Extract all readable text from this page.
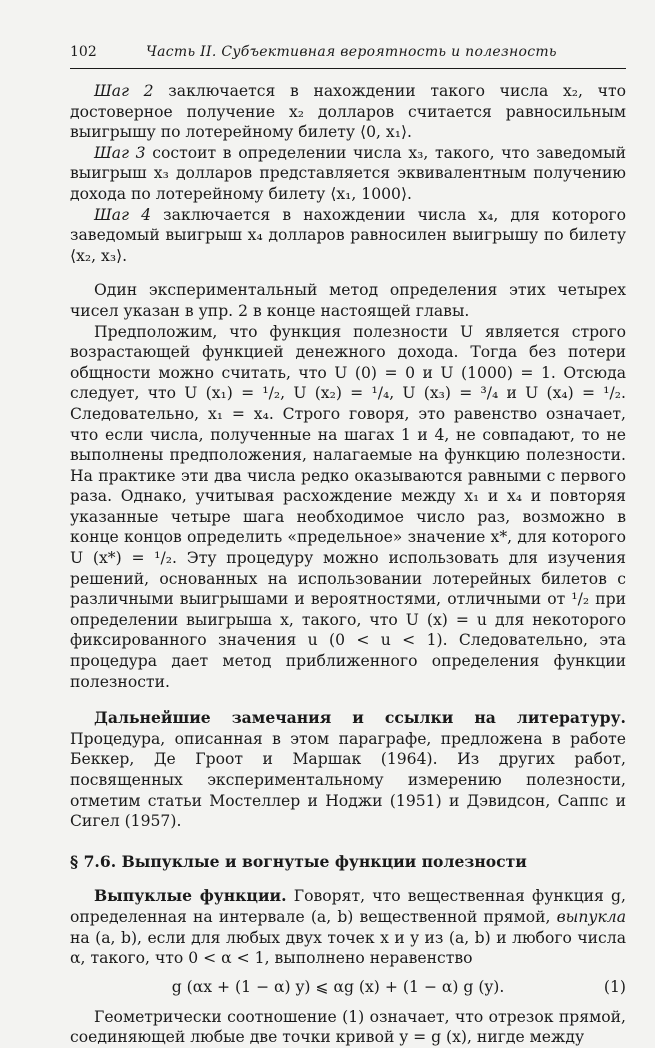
102	Часть II. Субъективная вероятность и полезность

Шаг 2 заключается в нахождении такого числа x₂, что достоверное получение x₂ долларов считается равносильным выигрышу по лотерейному билету ⟨0, x₁⟩.

Шаг 3 состоит в определении числа x₃, такого, что заведомый выигрыш x₃ долларов представляется эквивалентным получению дохода по лотерейному билету ⟨x₁, 1000⟩.

Шаг 4 заключается в нахождении числа x₄, для которого заведомый выигрыш x₄ долларов равносилен выигрышу по билету ⟨x₂, x₃⟩.

Один экспериментальный метод определения этих четырех чисел указан в упр. 2 в конце настоящей главы.

Предположим, что функция полезности U является строго возрастающей функцией денежного дохода. Тогда без потери общности можно считать, что U (0) = 0 и U (1000) = 1. Отсюда следует, что U (x₁) = ¹/₂, U (x₂) = ¹/₄, U (x₃) = ³/₄ и U (x₄) = ¹/₂. Следовательно, x₁ = x₄. Строго говоря, это равенство означает, что если числа, полученные на шагах 1 и 4, не совпадают, то не выполнены предположения, налагаемые на функцию полезности. На практике эти два числа редко оказываются равными с первого раза. Однако, учитывая расхождение между x₁ и x₄ и повторяя указанные четыре шага необходимое число раз, возможно в конце концов определить «предельное» значение x*, для которого U (x*) = ¹/₂. Эту процедуру можно использовать для изучения решений, основанных на использовании лотерейных билетов с различными выигрышами и вероятностями, отличными от ¹/₂ при определении выигрыша x, такого, что U (x) = u для некоторого фиксированного значения u (0 < u < 1). Следовательно, эта процедура дает метод приближенного определения функции полезности.

Дальнейшие замечания и ссылки на литературу. Процедура, описанная в этом параграфе, предложена в работе Беккер, Де Гроот и Маршак (1964). Из других работ, посвященных экспериментальному измерению полезности, отметим статьи Мостеллер и Ноджи (1951) и Дэвидсон, Саппс и Сигел (1957).

§ 7.6. Выпуклые и вогнутые функции полезности

Выпуклые функции. Говорят, что вещественная функция g, определенная на интервале (a, b) вещественной прямой, выпукла на (a, b), если для любых двух точек x и y из (a, b) и любого числа α, такого, что 0 < α < 1, выполнено неравенство

g (αx + (1 − α) y) ⩽ αg (x) + (1 − α) g (y).	(1)

Геометрически соотношение (1) означает, что отрезок прямой, соединяющей любые две точки кривой y = g (x), нигде между
